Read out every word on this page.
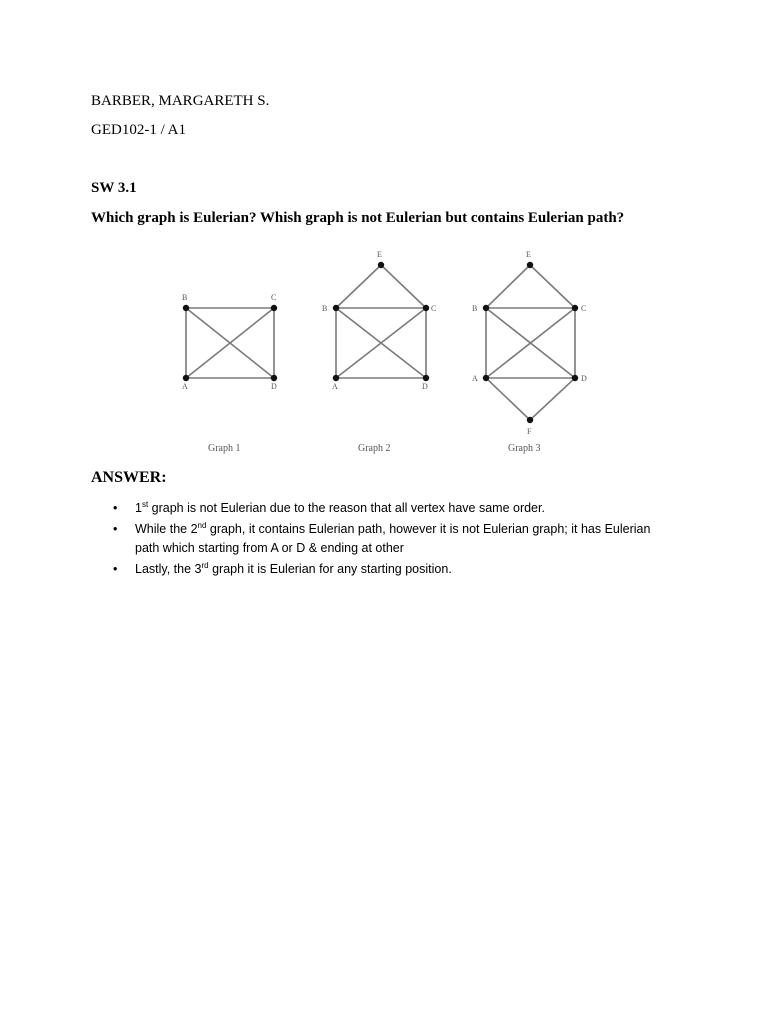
BARBER, MARGARETH S.
GED102-1 / A1
SW 3.1
Which graph is Eulerian? Whish graph is not Eulerian but contains Eulerian path?
B	C
A	D
E
B	C
A	D
E
B	C
A	D
F
Graph 1	Graph 2	Graph 3
ANSWER:
• 1st graph is not Eulerian due to the reason that all vertex have same order.
• While the 2nd graph, it contains Eulerian path, however it is not Eulerian graph; it has Eulerian
path which starting from A or D & ending at other
• Lastly, the 3rd graph it is Eulerian for any starting position.
